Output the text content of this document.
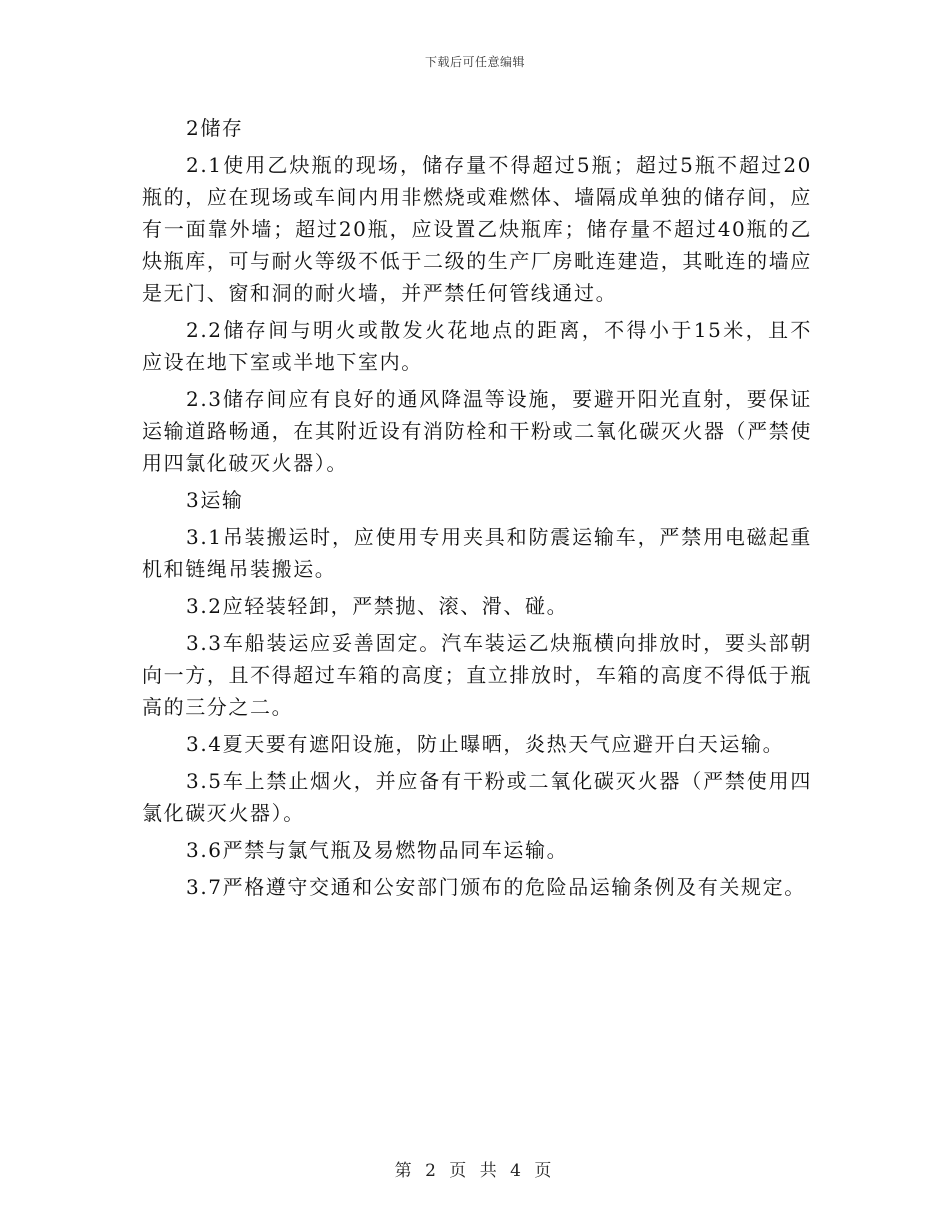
下载后可任意编辑

2储存

2.1使用乙炔瓶的现场，储存量不得超过5瓶；超过5瓶不超过20瓶的，应在现场或车间内用非燃烧或难燃体、墙隔成单独的储存间，应有一面靠外墙；超过20瓶，应设置乙炔瓶库；储存量不超过40瓶的乙炔瓶库，可与耐火等级不低于二级的生产厂房毗连建造，其毗连的墙应是无门、窗和洞的耐火墙，并严禁任何管线通过。

2.2储存间与明火或散发火花地点的距离，不得小于15米，且不应设在地下室或半地下室内。

2.3储存间应有良好的通风降温等设施，要避开阳光直射，要保证运输道路畅通，在其附近设有消防栓和干粉或二氧化碳灭火器（严禁使用四氯化破灭火器）。

3运输

3.1吊装搬运时，应使用专用夹具和防震运输车，严禁用电磁起重机和链绳吊装搬运。

3.2应轻装轻卸，严禁抛、滚、滑、碰。

3.3车船装运应妥善固定。汽车装运乙炔瓶横向排放时，要头部朝向一方，且不得超过车箱的高度；直立排放时，车箱的高度不得低于瓶高的三分之二。

3.4夏天要有遮阳设施，防止曝晒，炎热天气应避开白天运输。

3.5车上禁止烟火，并应备有干粉或二氧化碳灭火器（严禁使用四氯化碳灭火器）。

3.6严禁与氯气瓶及易燃物品同车运输。

3.7严格遵守交通和公安部门颁布的危险品运输条例及有关规定。

第 2 页 共 4 页
